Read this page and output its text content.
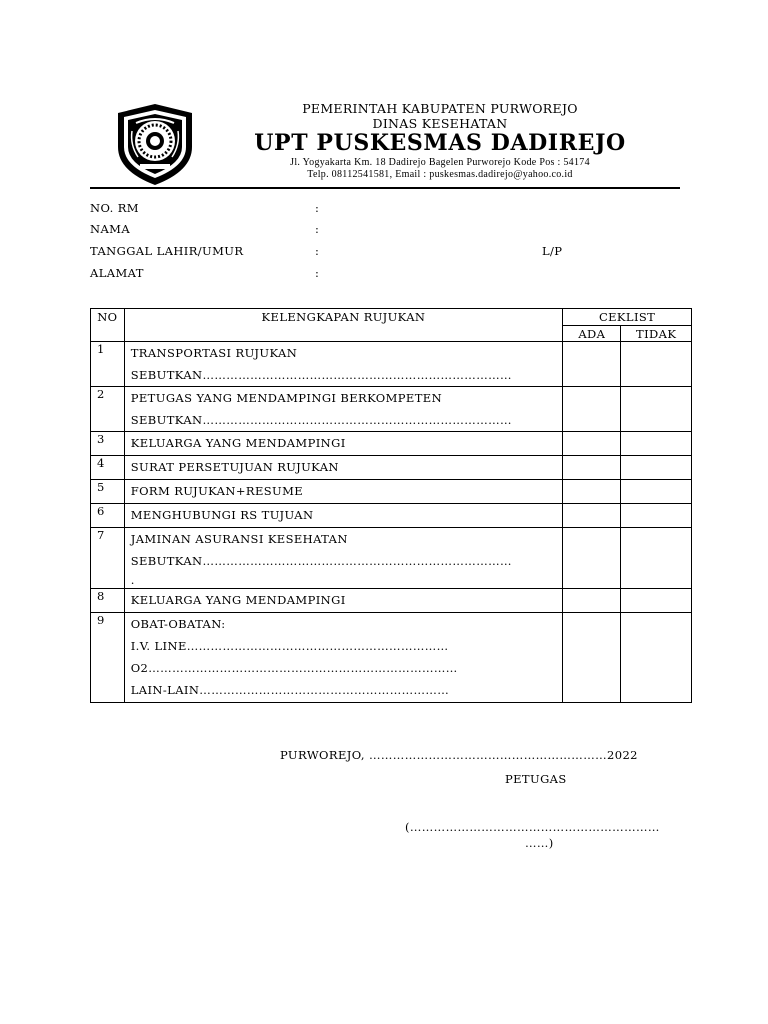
PEMERINTAH KABUPATEN PURWOREJO
DINAS KESEHATAN
UPT PUSKESMAS DADIREJO
Jl. Yogyakarta Km. 18 Dadirejo Bagelen Purworejo Kode Pos : 54174
Telp. 08112541581, Email : puskesmas.dadirejo@yahoo.co.id
NO. RM	:
NAMA	:
TANGGAL LAHIR/UMUR	:	L/P
ALAMAT	:
NO	KELENGKAPAN RUJUKAN	CEKLIST	
		ADA	TIDAK
1	TRANSPORTASI RUJUKAN
SEBUTKAN……………………………………………………………………		

2	PETUGAS YANG MENDAMPINGI BERKOMPETEN
SEBUTKAN……………………………………………………………………		

3	KELUARGA YANG MENDAMPINGI		

4	SURAT PERSETUJUAN RUJUKAN		

5	FORM RUJUKAN+RESUME		

6	MENGHUBUNGI RS TUJUAN		

7	JAMINAN ASURANSI KESEHATAN
SEBUTKAN……………………………………………………………………
.		

8	KELUARGA YANG MENDAMPINGI		

9	OBAT-OBATAN:
I.V. LINE…………………………………………………………
O2……………………………………………………………………
LAIN-LAIN………………………………………………………		

PURWOREJO, ……………………………………………………2022
PETUGAS
(………………………………………………………
……)
